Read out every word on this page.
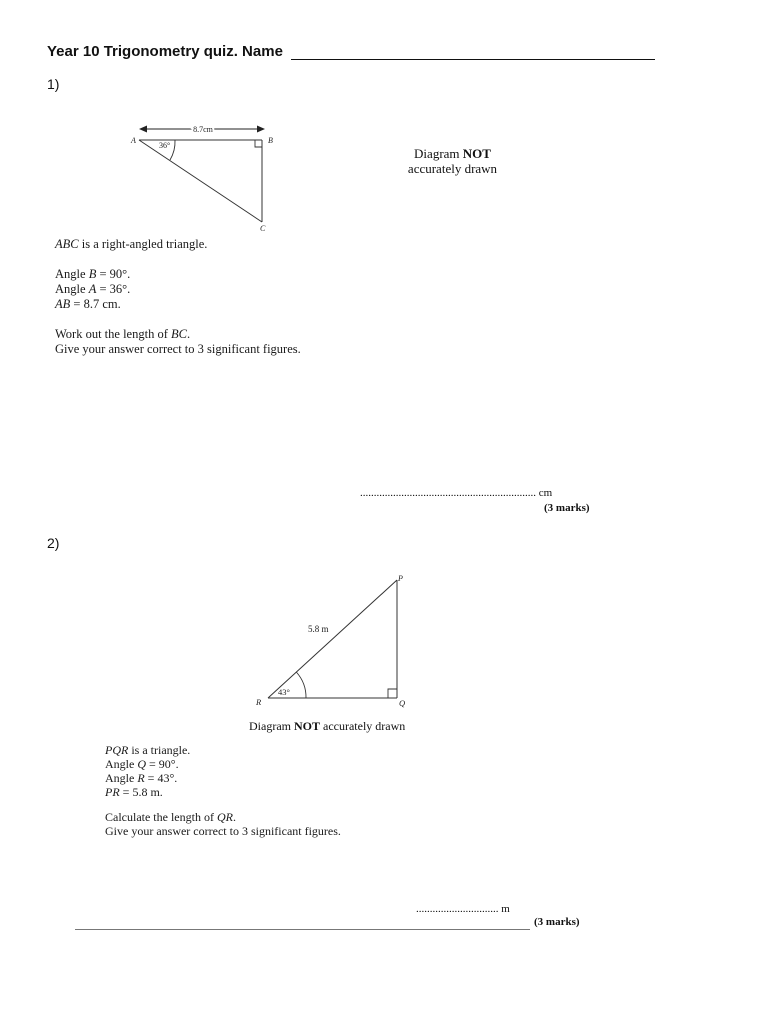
Year 10 Trigonometry quiz. Name
1)
8.7cm
36°
A	B
C
Diagram NOT
accurately drawn
ABC is a right-angled triangle.

Angle B = 90°.

Angle A = 36°.

AB = 8.7 cm.

Work out the length of BC.

Give your answer correct to 3 significant figures.

................................................................ cm
(3 marks)
2)
43°
5.8 m
P
R	Q
Diagram NOT accurately drawn

PQR is a triangle.

Angle Q = 90°.

Angle R = 43°.

PR = 5.8 m.

Calculate the length of QR.

Give your answer correct to 3 significant figures.

.............................. m
(3 marks)
